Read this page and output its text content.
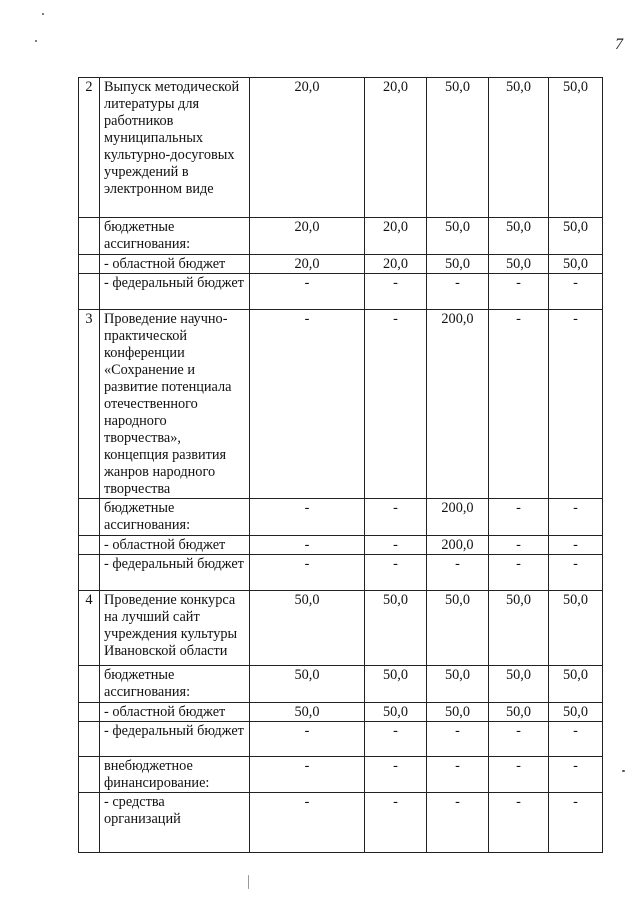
7
2	Выпуск методической литературы для работников муниципальных культурно-досуговых учреждений в электронном виде	20,0	20,0	50,0	50,0	50,0
	бюджетные ассигнования:	20,0	20,0	50,0	50,0	50,0
	- областной бюджет	20,0	20,0	50,0	50,0	50,0
	- федеральный бюджет	-	-	-	-	-
3	Проведение научно-практической конференции «Сохранение и развитие потенциала отечественного народного творчества», концепция развития жанров народного творчества	-	-	200,0	-	-
	бюджетные ассигнования:	-	-	200,0	-	-
	- областной бюджет	-	-	200,0	-	-
	- федеральный бюджет	-	-	-	-	-
4	Проведение конкурса на лучший сайт учреждения культуры Ивановской области	50,0	50,0	50,0	50,0	50,0
	бюджетные ассигнования:	50,0	50,0	50,0	50,0	50,0
	- областной бюджет	50,0	50,0	50,0	50,0	50,0
	- федеральный бюджет	-	-	-	-	-
	внебюджетное финансирование:	-	-	-	-	-
	- средства организаций	-	-	-	-	-
